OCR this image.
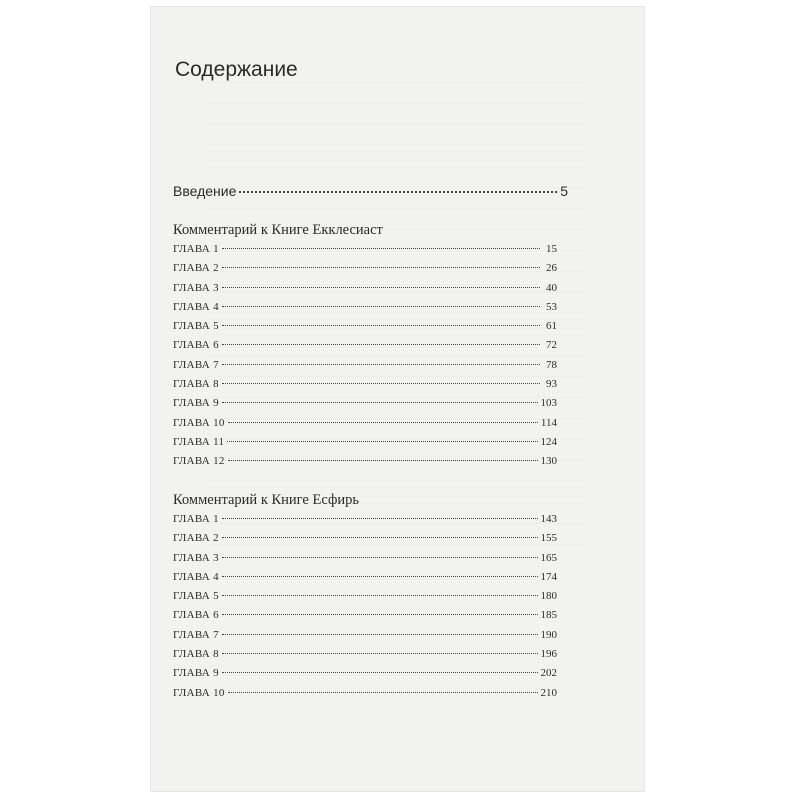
Содержание
Введение	5
Комментарий к Книге Екклесиаст
ГЛАВА 1	15
ГЛАВА 2	26
ГЛАВА 3	40
ГЛАВА 4	53
ГЛАВА 5	61
ГЛАВА 6	72
ГЛАВА 7	78
ГЛАВА 8	93
ГЛАВА 9	103
ГЛАВА 10	114
ГЛАВА 11	124
ГЛАВА 12	130
Комментарий к Книге Есфирь
ГЛАВА 1	143
ГЛАВА 2	155
ГЛАВА 3	165
ГЛАВА 4	174
ГЛАВА 5	180
ГЛАВА 6	185
ГЛАВА 7	190
ГЛАВА 8	196
ГЛАВА 9	202
ГЛАВА 10	210
